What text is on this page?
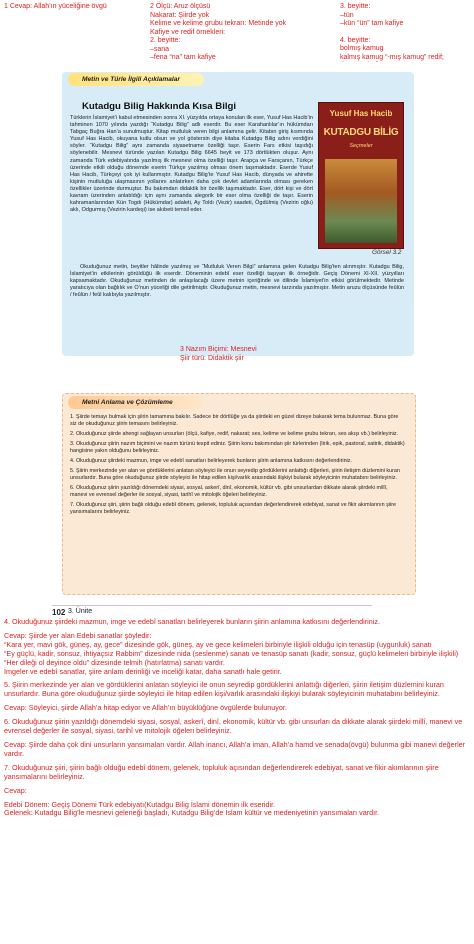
1 Cevap: Allah’ın yüceliğine övgü	2 Ölçü: Aruz ölçüsü
Nakarat: Şiirde yok
Kelime ve kelime grubu tekrarı: Metinde yok
Kafiye ve redif örnekleri:
2. beyitte:
–sana
–fena “na” tam kafiye
3. beyitte:
–tün
–kün “ün” tam kafiye
4. beyitte:
bolmış kamug
kalmış kamug “-mış kamug” redif;
Metin ve Türle İlgili Açıklamalar
Kutadgu Bilig Hakkında Kısa Bilgi
Türklerin İslamiyet’i kabul etmesinden sonra XI. yüzyılda ortaya konulan ilk eser, Yusuf Has Hacib’in tahminen 1070 yılında yazdığı “Kutadgu Bilig” adlı eserdir. Bu eser Karahanlılar’ın hükümdarı Tabgaç Buğra Han’a sunulmuştur. Kitap mutluluk veren bilgi anlamına gelir. Kitabın giriş kısmında Yusuf Has Hacib, okuyana kutlu olsun ve yol göstersin diye kitaba Kutadgu Bilig adını verdiğini söyler. “Kutadgu Bilig” aynı zamanda siyasetname özelliği taşır. Eserin Fars etkisi taşıdığı söylenebilir. Mesnevi türünde yazılan Kutadgu Bilig 6645 beyit ve 173 dörtlükten oluşur. Aynı zamanda Türk edebiyatında yazılmış ilk mesnevi olma özelliği taşır. Arapça ve Farsçanın, Türkçe üzerinde etkili olduğu dönemde eserin Türkçe yazılmış olması önem taşımaktadır. Eserde Yusuf Has Hacib, Türkçeyi çok iyi kullanmıştır. Kutadgu Bilig’te Yusuf Has Hacib, dünyada ve ahirette kişinin mutluluğa ulaşmasının yollarını anlatırken daha çok devlet adamlarında olması gereken özellikler üzerinde durmuştur. Bu bakımdan didaktik bir özellik taşımaktadır. Eser, dört kişi ve dört kavram üzerinden anlatıldığı için aynı zamanda alegorik bir eser olma özelliği de taşır. Eserin kahramanlarından Kün Togdı (Hükümdar) adaleti, Ay Toldı (Vezir) saadeti, Ögdülmiş (Vezirin oğlu) aklı, Odgurmış (Vezirin kardeşi) ise akıbeti temsil eder.
Yusuf Has Hacib
KUTADGU BİLİG
Seçmeler
Görsel 3.2
Okuduğunuz metin, beyitler hâlinde yazılmış ve “Mutluluk Veren Bilgi” anlamına gelen Kutadgu Bilig’ten alınmıştır. Kutadgu Bilig, İslamiyet’in etkilerinin görüldüğü ilk eserdir. Döneminin edebî eser özelliği taşıyan ilk örneğidir. Geçiş Dönemi XI-XII. yüzyılları kapsamaktadır. Okuduğunuz metinden de anlaşılacağı üzere metnin içeriğinde ve dilinde İslamiyet’in etkisi görülmektedir. Metinde yaratıcıya olan bağlılık ve O’nun yüceliği dile getirilmiştir. Okuduğunuz metin, mesnevi tarzında yazılmıştır. Metin aruzu ölçüsünde feûlün / feûlün / feûl kalıbıyla yazılmıştır.
3 Nazım Biçimi: Mesnevi
Şiir türü: Didaktik şiir
Metni Anlama ve Çözümleme
1. Şiirde temayı bulmak için şiirin tamamına bakılır. Sadece bir dörtlüğe ya da şiirdeki en güzel dizeye bakarak tema bulunmaz. Buna göre siz de okuduğunuz şiirin temasını belirleyiniz.
2. Okuduğunuz şiirde ahengi sağlayan unsurları (ölçü, kafiye, redif, nakarat; ses, kelime ve kelime grubu tekrarı, ses akışı vb.) belirleyiniz.
3. Okuduğunuz şiirin nazım biçimini ve nazım türünü tespit ediniz. Şiirin konu bakımından şiir türlerinden (lirik, epik, pastoral, satirik, didaktik) hangisine yakın olduğunu belirleyiniz.
4. Okuduğunuz şiirdeki mazmun, imge ve edebî sanatları belirleyerek bunların şiirin anlamına katkısını değerlendiriniz.
5. Şiirin merkezinde yer alan ve gördüklerini anlatan söyleyici ile onun seyredip gördüklerini anlattığı diğerleri, şiirin iletişim düzlemini kuran unsurlardır. Buna göre okuduğunuz şiirde söyleyici ile hitap edilen kişi/varlık arasındaki ilişkiyi bularak söyleyicinin muhatabını belirleyiniz.
6. Okuduğunuz şiirin yazıldığı dönemdeki siyasi, sosyal, askerî, dinî, ekonomik, kültür vb. gibi unsurlardan dikkate alarak şiirdeki millî, manevi ve evrensel değerler ile sosyal, siyasi, tarihî ve mitolojik öğeleri belirleyiniz.
7. Okuduğunuz şiiri, şiirin bağlı olduğu edebî dönem, gelenek, topluluk açısından değerlendirerek edebiyat, sanat ve fikir akımlarının şiire yansımalarını belirleyiniz.
102 3. Ünite
4. Okuduğunuz şiirdeki mazmun, imge ve edebî sanatları belirleyerek bunların şiirin anlamına katkısını değerlendiriniz.
Cevap: Şiirde yer alan Edebi sanatlar şöyledir:
“Kara yer, mavi gök, güneş, ay, gece” dizesinde gök, güneş, ay ve gece kelimeleri birbiriyle ilişkili olduğu için tenasüp (uygunluk) sanatı
“Ey güçlü, kadir, sonsuz, ihtiyaçsız Rabbim” dizesinde nida (seslenme) sanatı ve tenasüp sanatı (kadir, sonsuz, güçlü kelimeleri birbiriyle ilişkili)
“Her dileği ol deyince oldu” dizesinde telmih (hatırlatma) sanatı vardır.
İmgeler ve edebî sanatlar, şiire anlam derinliği ve inceliği katar, daha sanatlı hale getirir.
5. Şiirin merkezinde yer alan ve gördüklerini anlatan söyleyici ile onun seyredip gördüklerini anlattığı diğerleri, şiirin iletişim düzlemini kuran unsurlardır. Buna göre okuduğunuz şiirde söyleyici ile hitap edilen kişi/varlık arasındaki ilişkiyi bularak söyleyicinin muhatabını belirleyiniz.
Cevap: Söyleyici, şiirde Allah’a hitap ediyor ve Allah’ın büyüklüğüne övgülerde bulunuyor.
6. Okuduğunuz şiirin yazıldığı dönemdeki siyasi, sosyal, askerî, dinî, ekonomik, kültür vb. gibi unsurları da dikkate alarak şiirdeki millî, manevi ve evrensel değerler ile sosyal, siyasi, tarihî ve mitolojik öğeleri belirleyiniz.
Cevap: Şiirde daha çok dini unsurların yansımaları vardır. Allah inancı, Allah’a iman, Allah’a hamd ve senada(övgü) bulunma gibi manevi değerler vardır.
7. Okuduğunuz şiiri, şiirin bağlı olduğu edebî dönem, gelenek, topluluk açısından değerlendirerek edebiyat, sanat ve fikir akımlarının şiire yansımalarını belirleyiniz.
Cevap:
Edebi Dönem: Geçiş Dönemi Türk edebiyatı(Kutadgu Bilig İslami dönemin ilk eseridir.
Gelenek: Kutadgu Bilig’le mesnevi geleneği başladı, Kutadgu Bilig’de İslam kültür ve medeniyetinin yansımaları vardır.
